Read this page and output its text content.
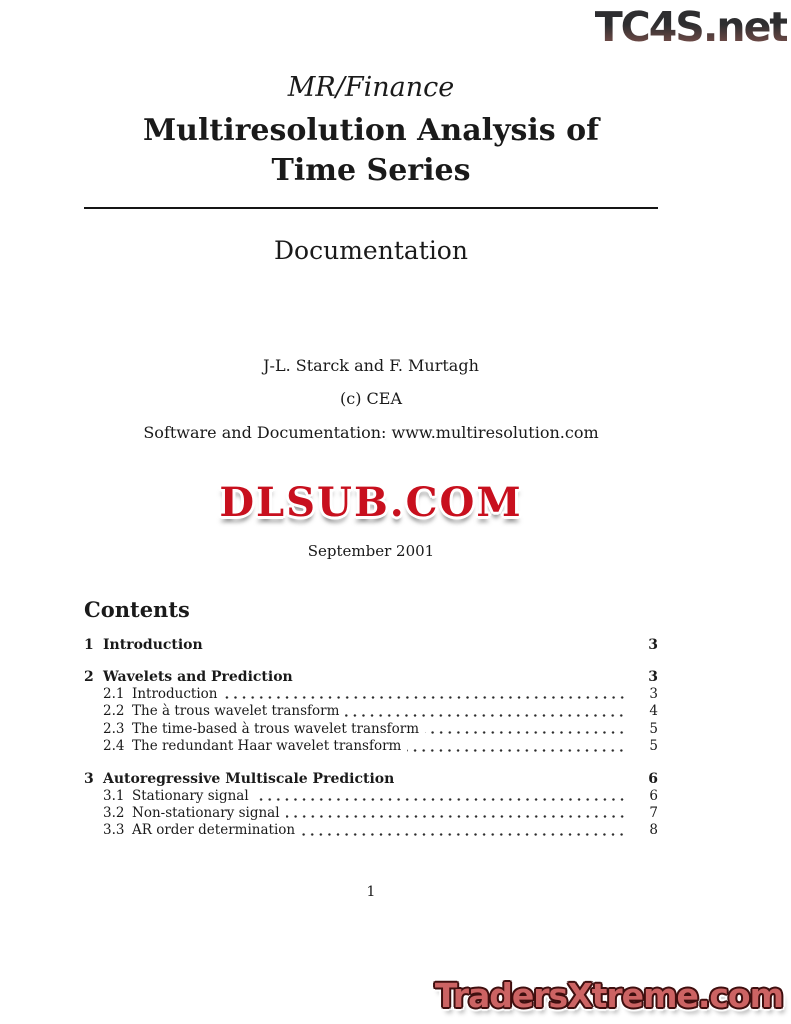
TC4S.net
MR/Finance
Multiresolution Analysis of
Time Series
Documentation
J-L. Starck and F. Murtagh
(c) CEA
Software and Documentation: www.multiresolution.com
DLSUB.COM
September 2001
Contents
1 Introduction	3
2 Wavelets and Prediction	3
2.1 Introduction	3
2.2 The à trous wavelet transform	4
2.3 The time-based à trous wavelet transform	5
2.4 The redundant Haar wavelet transform	5
3 Autoregressive Multiscale Prediction	6
3.1 Stationary signal	6
3.2 Non-stationary signal	7
3.3 AR order determination	8
1
TradersXtreme.com
